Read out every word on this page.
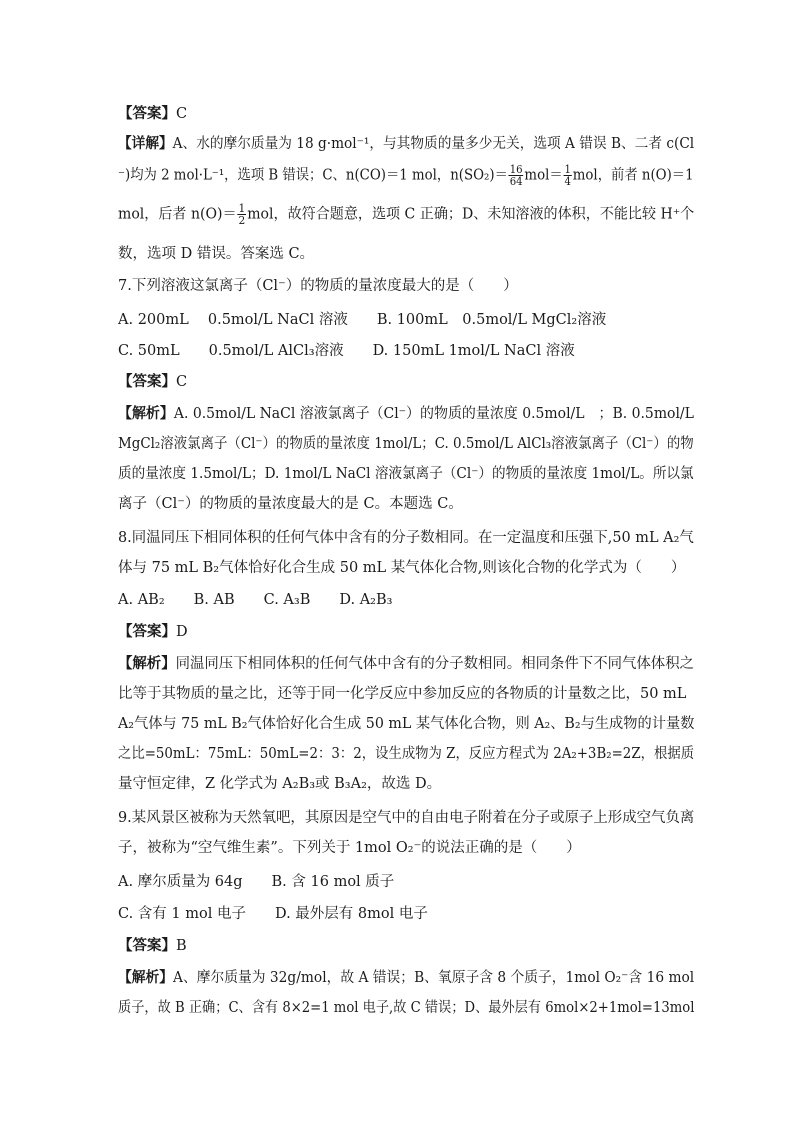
【答案】C
【详解】A、水的摩尔质量为 18 g·mol⁻¹，与其物质的量多少无关，选项 A 错误 B、二者 c(Cl
⁻)均为 2 mol·L⁻¹，选项 B 错误；C、n(CO)＝1 mol，$n(SO_2)= \frac{16}{64} mol= \frac{1}{4}$ mol，前者 n(O)＝1
mol，后者 $n(O)= \frac{1}{2}$ mol，故符合题意，选项 C 正确；D、未知溶液的体积，不能比较 H⁺个
数，选项 D 错误。答案选 C。
7.下列溶液这氯离子（Cl⁻）的物质的量浓度最大的是（　　）
A. 200mL　 0.5mol/L NaCl 溶液　　B. 100mL　0.5mol/L MgCl₂溶液
C. 50mL　　0.5mol/L AlCl₃溶液　　D. 150mL 1mol/L NaCl 溶液
【答案】C
【解析】A. 0.5mol/L NaCl 溶液氯离子（Cl⁻）的物质的量浓度 0.5mol/L　；B. 0.5mol/L
MgCl₂溶液氯离子（Cl⁻）的物质的量浓度 1mol/L；C. 0.5mol/L AlCl₃溶液氯离子（Cl⁻）的物
质的量浓度 1.5mol/L；D. 1mol/L NaCl 溶液氯离子（Cl⁻）的物质的量浓度 1mol/L。所以氯
离子（Cl⁻）的物质的量浓度最大的是 C。本题选 C。
8.同温同压下相同体积的任何气体中含有的分子数相同。在一定温度和压强下,50 mL A₂气
体与 75 mL B₂气体恰好化合生成 50 mL 某气体化合物,则该化合物的化学式为（　　）
A. AB₂　　B. AB　　C. A₃B　　D. A₂B₃
【答案】D
【解析】同温同压下相同体积的任何气体中含有的分子数相同。相同条件下不同气体体积之
比等于其物质的量之比，还等于同一化学反应中参加反应的各物质的计量数之比，50 mL
A₂气体与 75 mL B₂气体恰好化合生成 50 mL 某气体化合物，则 A₂、B₂与生成物的计量数
之比=50mL：75mL：50mL=2：3：2，设生成物为 Z，反应方程式为 2A₂+3B₂=2Z，根据质
量守恒定律，Z 化学式为 A₂B₃或 B₃A₂，故选 D。
9.某风景区被称为天然氧吧，其原因是空气中的自由电子附着在分子或原子上形成空气负离
子，被称为“空气维生素”。下列关于 1mol O₂⁻的说法正确的是（　　）
A. 摩尔质量为 64g　　B. 含 16 mol 质子
C. 含有 1 mol 电子　　D. 最外层有 8mol 电子
【答案】B
【解析】A、摩尔质量为 32g/mol，故 A 错误；B、氧原子含 8 个质子，1mol O₂⁻含 16 mol
质子，故 B 正确；C、含有 8×2=1 mol 电子,故 C 错误；D、最外层有 6mol×2+1mol=13mol
